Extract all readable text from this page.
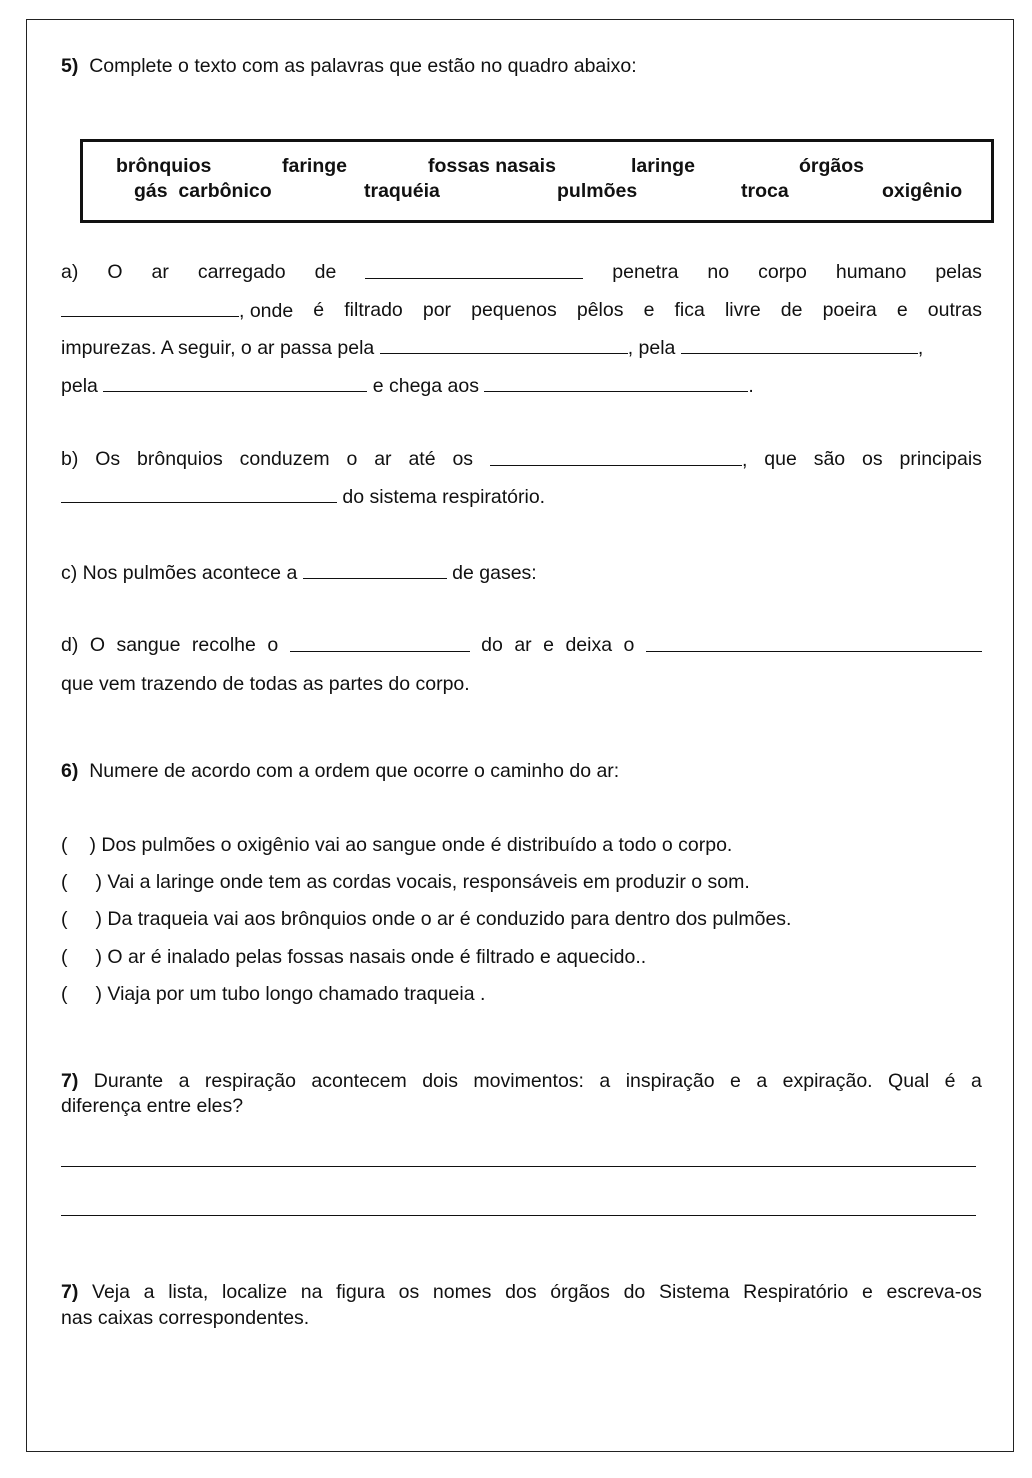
5) Complete o texto com as palavras que estão no quadro abaixo:
brônquios	faringe	fossas nasais	laringe	órgãos
gás  carbônico	traquéia	pulmões	troca	oxigênio
a) O ar carregado de	penetra no corpo humano pelas
, onde é filtrado por pequenos pêlos e fica livre de poeira e outras
impurezas. A seguir, o ar passa pela	, pela	,
pela	e chega aos	.
b) Os brônquios conduzem o ar até os	, que são os principais
do sistema respiratório.
c) Nos pulmões acontece a	de gases:
d) O sangue recolhe o	do ar e deixa o
que vem trazendo de todas as partes do corpo.
6) Numere de acordo com a ordem que ocorre o caminho do ar:
( ) Dos pulmões o oxigênio vai ao sangue onde é distribuído a todo o corpo.
( ) Vai a laringe onde tem as cordas vocais, responsáveis em produzir o som.
( ) Da traqueia vai aos brônquios onde o ar é conduzido para dentro dos pulmões.
( ) O ar é inalado pelas fossas nasais onde é filtrado e aquecido..
( ) Viaja por um tubo longo chamado traqueia .
7) Durante a respiração acontecem dois movimentos: a inspiração e a expiração. Qual é a
diferença entre eles?
7) Veja a lista, localize na figura os nomes dos órgãos do Sistema Respiratório e escreva-os
nas caixas correspondentes.
